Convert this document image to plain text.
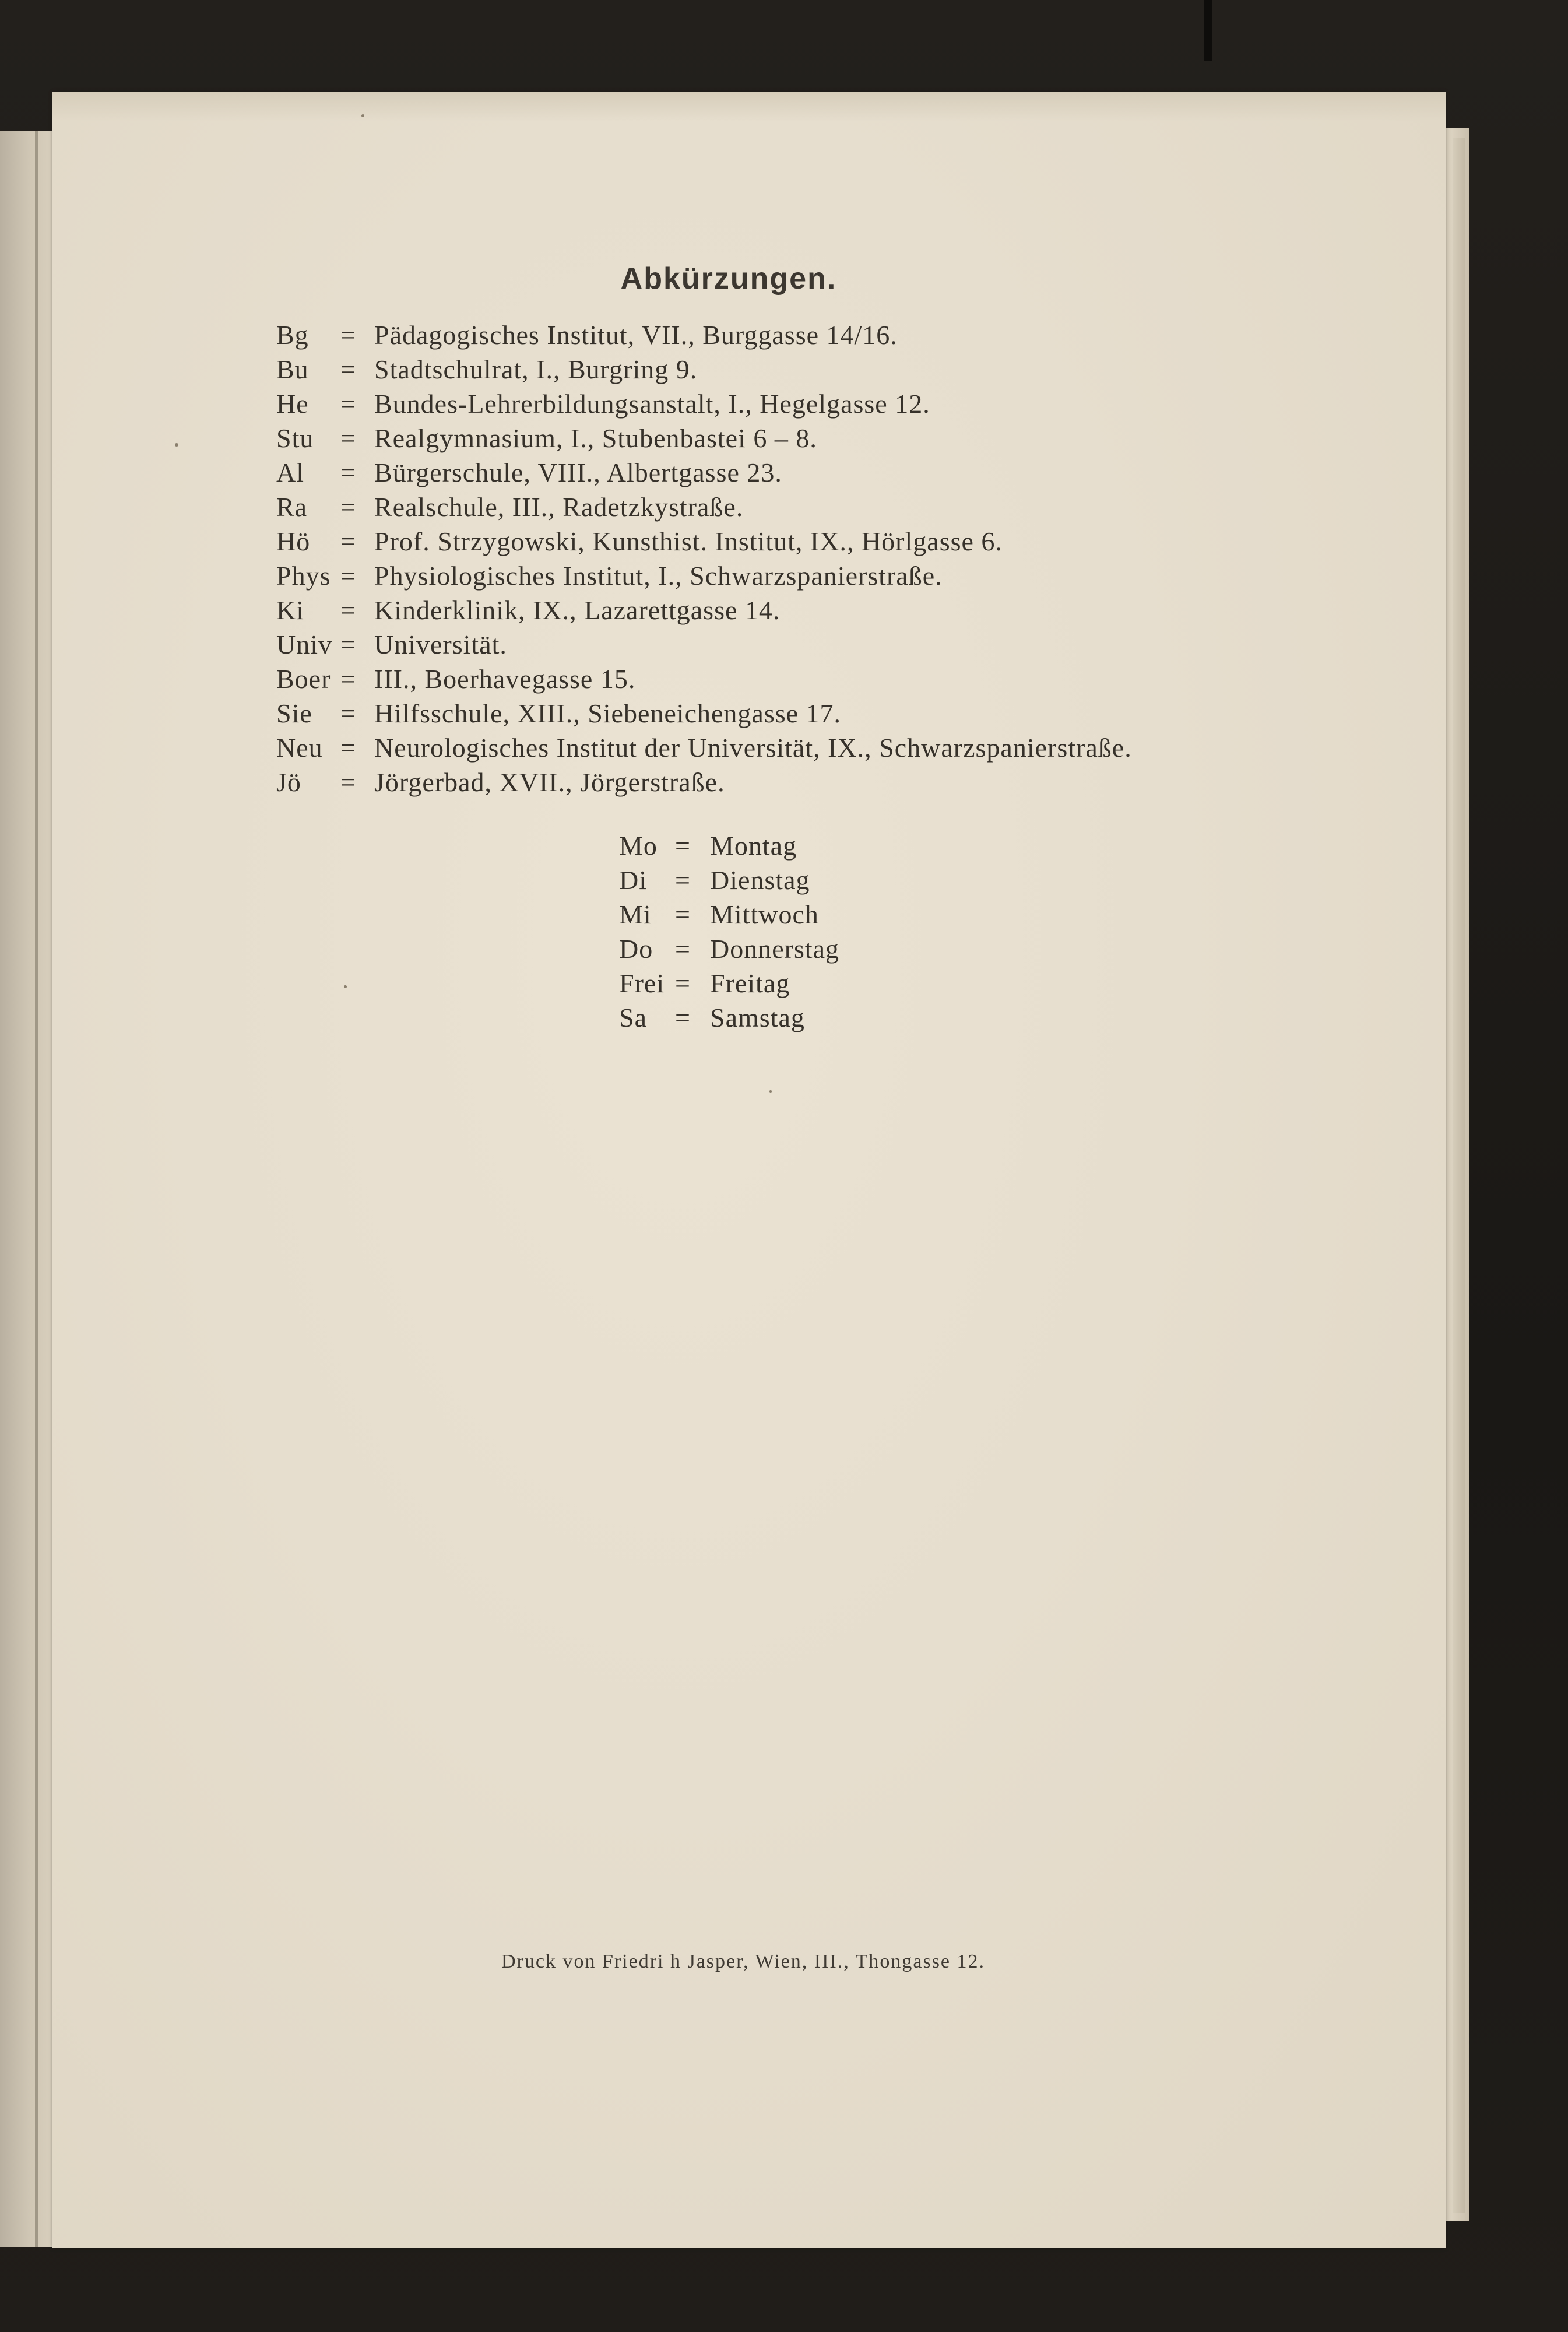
Abkürzungen.
Bg = Pädagogisches Institut, VII., Burggasse 14/16.
Bu = Stadtschulrat, I., Burgring 9.
He = Bundes-Lehrerbildungsanstalt, I., Hegelgasse 12.
Stu = Realgymnasium, I., Stubenbastei 6 – 8.
Al = Bürgerschule, VIII., Albertgasse 23.
Ra = Realschule, III., Radetzkystraße.
Hö = Prof. Strzygowski, Kunsthist. Institut, IX., Hörlgasse 6.
Phys = Physiologisches Institut, I., Schwarzspanierstraße.
Ki = Kinderklinik, IX., Lazarettgasse 14.
Univ = Universität.
Boer = III., Boerhavegasse 15.
Sie = Hilfsschule, XIII., Siebeneichengasse 17.
Neu = Neurologisches Institut der Universität, IX., Schwarzspanierstraße.
Jö = Jörgerbad, XVII., Jörgerstraße.
Mo = Montag
Di = Dienstag
Mi = Mittwoch
Do = Donnerstag
Frei = Freitag
Sa = Samstag
Druck von Friedri h Jasper, Wien, III., Thongasse 12.
